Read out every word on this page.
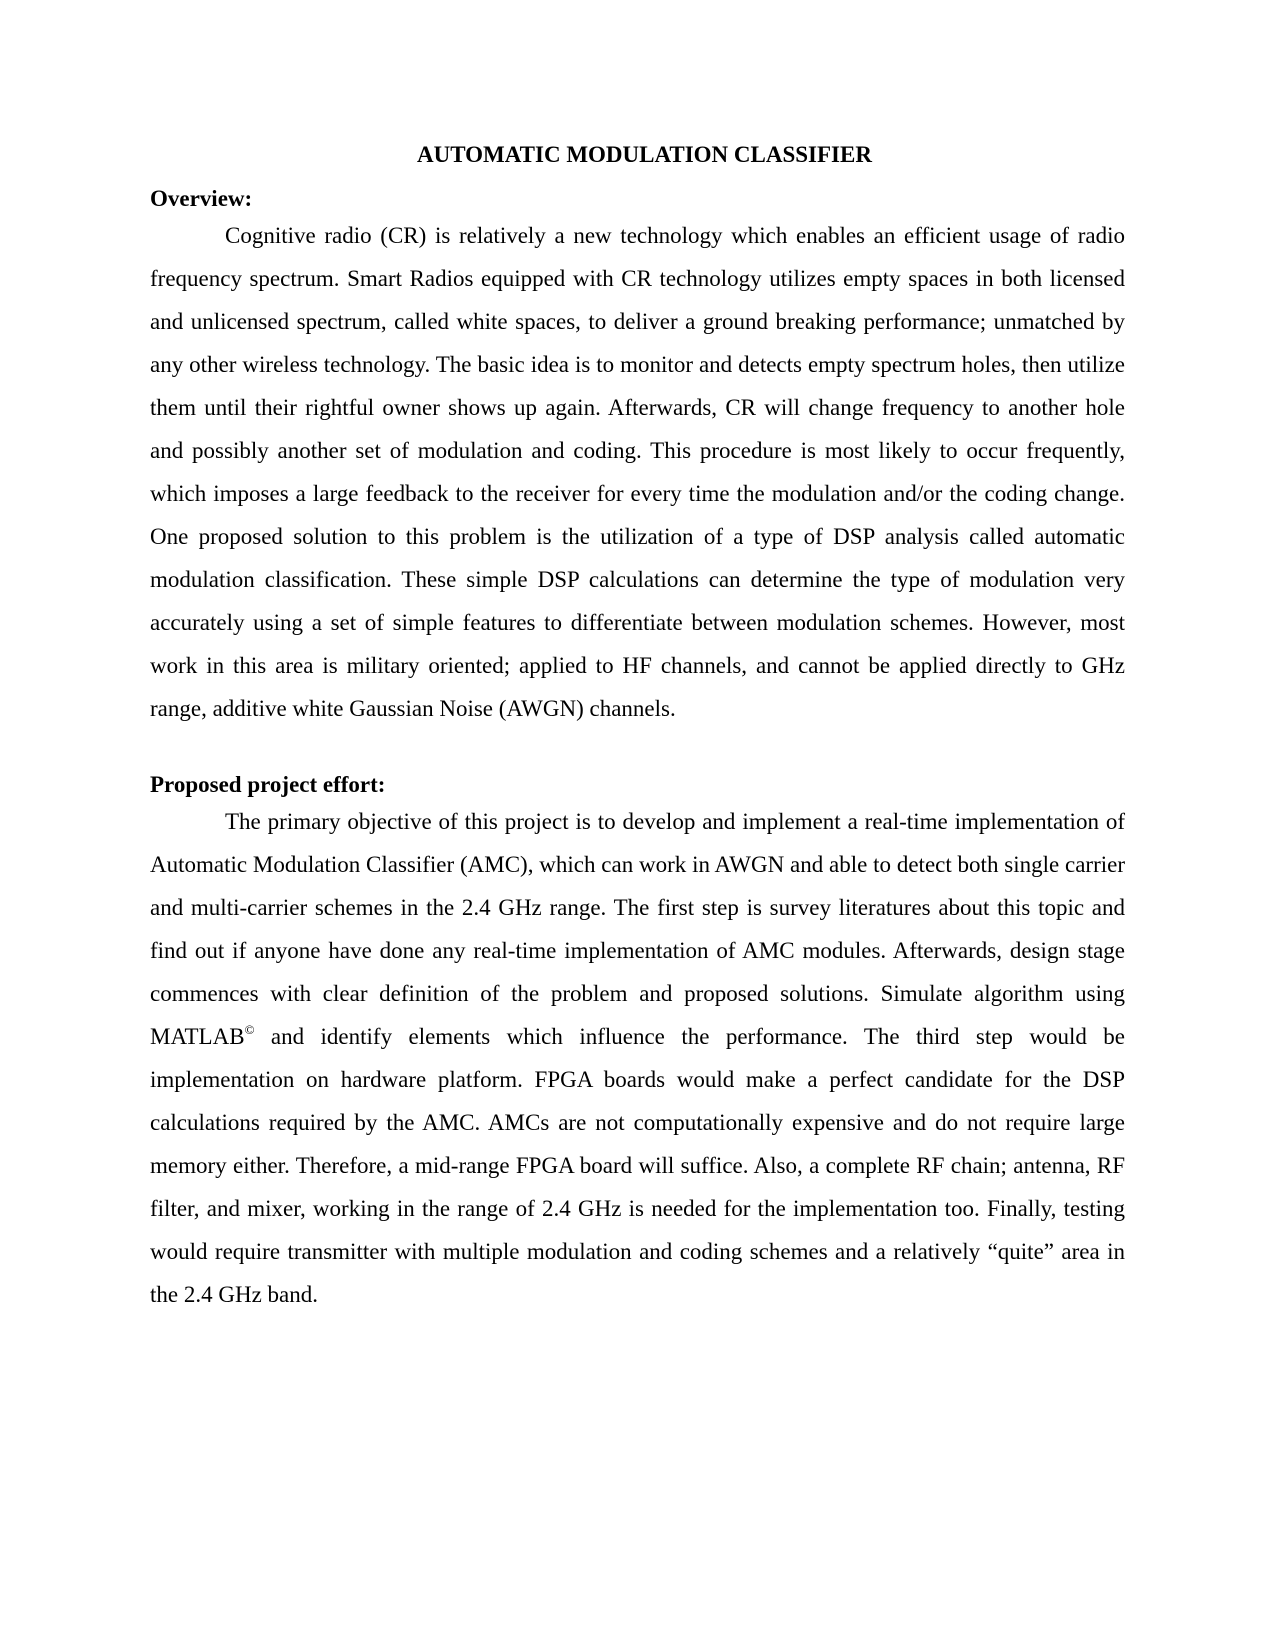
AUTOMATIC MODULATION CLASSIFIER
Overview:

Cognitive radio (CR) is relatively a new technology which enables an efficient usage of radio frequency spectrum. Smart Radios equipped with CR technology utilizes empty spaces in both licensed and unlicensed spectrum, called white spaces, to deliver a ground breaking performance; unmatched by any other wireless technology. The basic idea is to monitor and detects empty spectrum holes, then utilize them until their rightful owner shows up again. Afterwards, CR will change frequency to another hole and possibly another set of modulation and coding. This procedure is most likely to occur frequently, which imposes a large feedback to the receiver for every time the modulation and/or the coding change. One proposed solution to this problem is the utilization of a type of DSP analysis called automatic modulation classification. These simple DSP calculations can determine the type of modulation very accurately using a set of simple features to differentiate between modulation schemes. However, most work in this area is military oriented; applied to HF channels, and cannot be applied directly to GHz range, additive white Gaussian Noise (AWGN) channels.

Proposed project effort:

The primary objective of this project is to develop and implement a real-time implementation of Automatic Modulation Classifier (AMC), which can work in AWGN and able to detect both single carrier and multi-carrier schemes in the 2.4 GHz range. The first step is survey literatures about this topic and find out if anyone have done any real-time implementation of AMC modules. Afterwards, design stage commences with clear definition of the problem and proposed solutions. Simulate algorithm using MATLAB© and identify elements which influence the performance. The third step would be implementation on hardware platform. FPGA boards would make a perfect candidate for the DSP calculations required by the AMC. AMCs are not computationally expensive and do not require large memory either. Therefore, a mid-range FPGA board will suffice. Also, a complete RF chain; antenna, RF filter, and mixer, working in the range of 2.4 GHz is needed for the implementation too. Finally, testing would require transmitter with multiple modulation and coding schemes and a relatively “quite” area in the 2.4 GHz band.
